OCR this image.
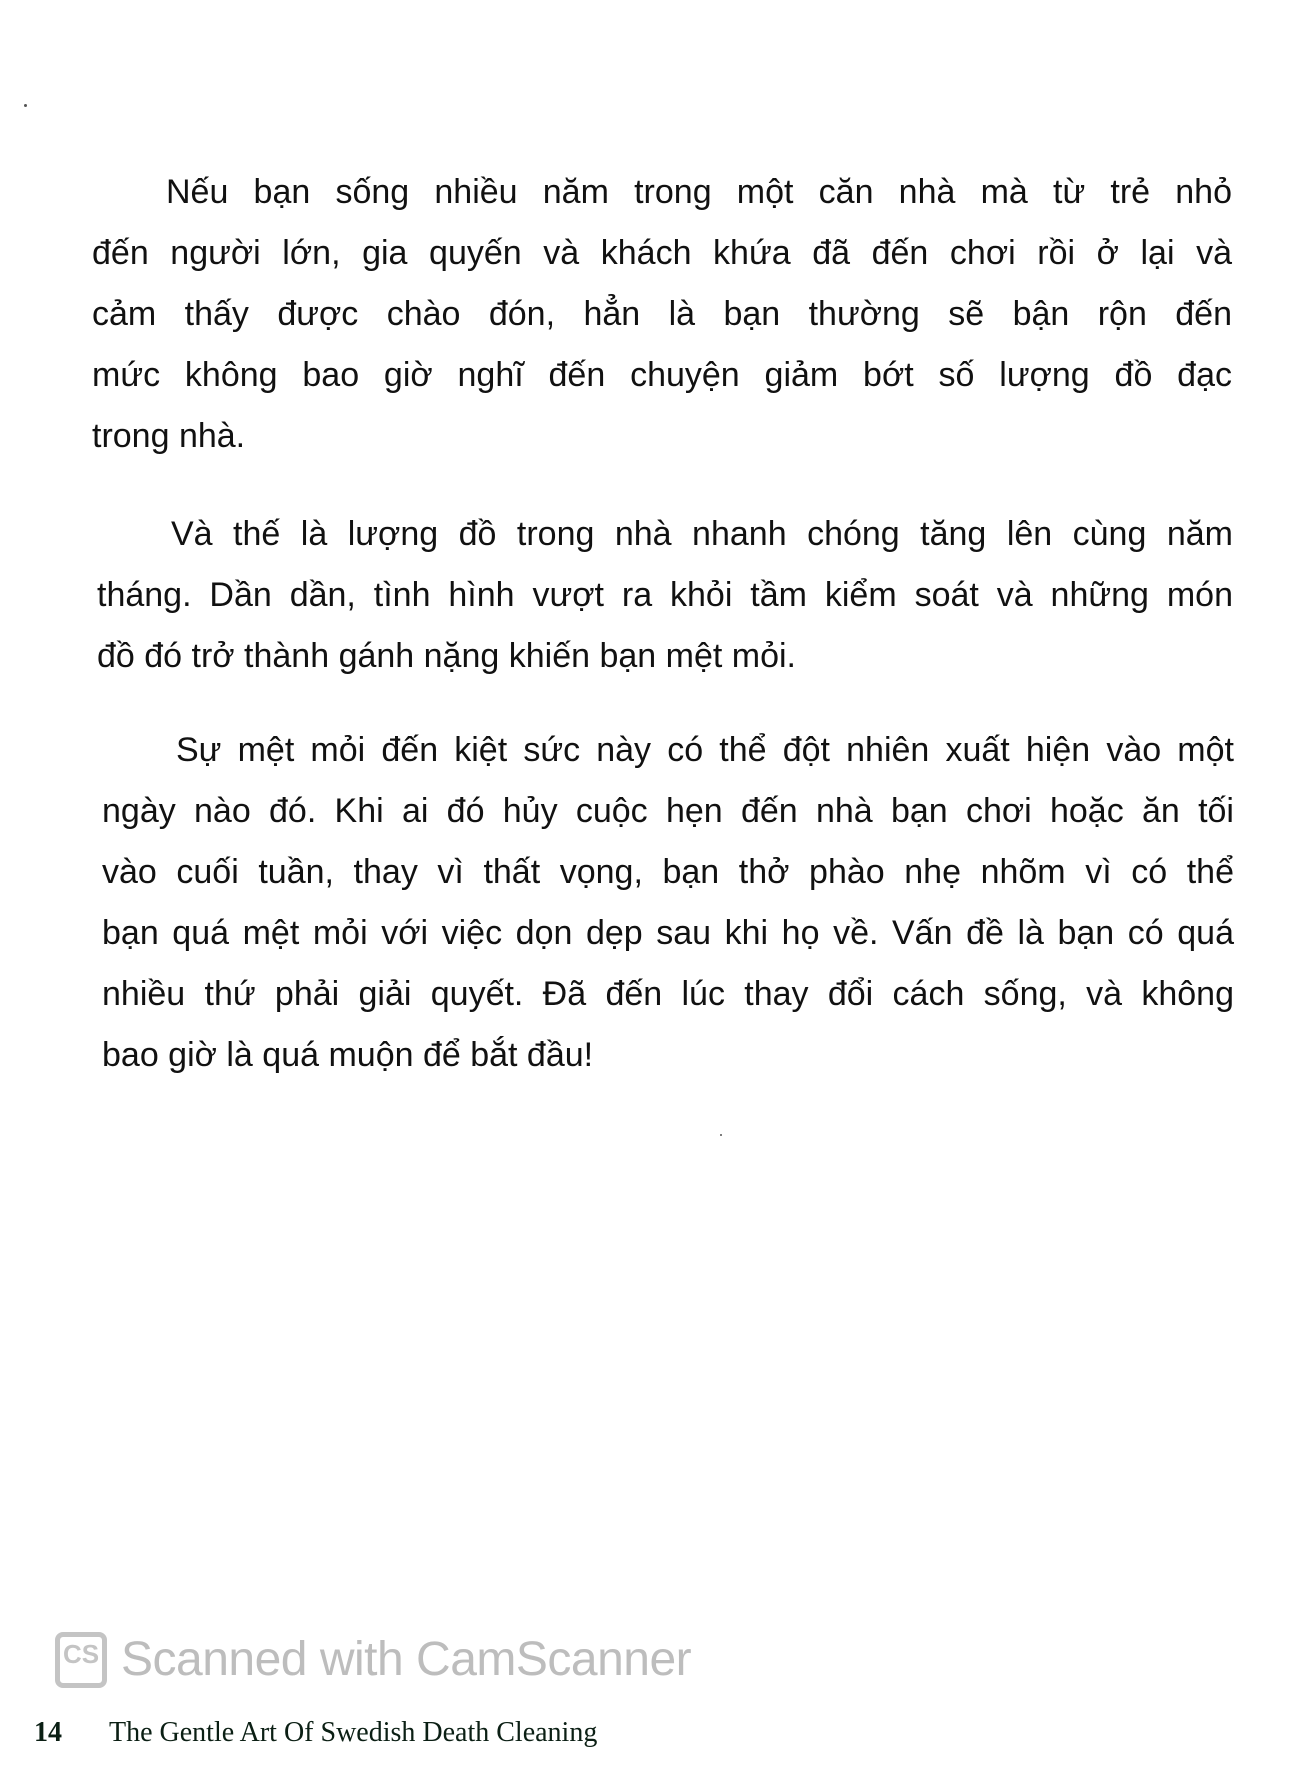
Nếu bạn sống nhiều năm trong một căn nhà mà từ trẻ nhỏ
đến người lớn, gia quyến và khách khứa đã đến chơi rồi ở lại và
cảm thấy được chào đón, hẳn là bạn thường sẽ bận rộn đến
mức không bao giờ nghĩ đến chuyện giảm bớt số lượng đồ đạc
trong nhà.
Và thế là lượng đồ trong nhà nhanh chóng tăng lên cùng năm
tháng. Dần dần, tình hình vượt ra khỏi tầm kiểm soát và những món
đồ đó trở thành gánh nặng khiến bạn mệt mỏi.
Sự mệt mỏi đến kiệt sức này có thể đột nhiên xuất hiện vào một
ngày nào đó. Khi ai đó hủy cuộc hẹn đến nhà bạn chơi hoặc ăn tối
vào cuối tuần, thay vì thất vọng, bạn thở phào nhẹ nhõm vì có thể
bạn quá mệt mỏi với việc dọn dẹp sau khi họ về. Vấn đề là bạn có quá
nhiều thứ phải giải quyết. Đã đến lúc thay đổi cách sống, và không
bao giờ là quá muộn để bắt đầu!
CS Scanned with CamScanner
14 The Gentle Art Of Swedish Death Cleaning
